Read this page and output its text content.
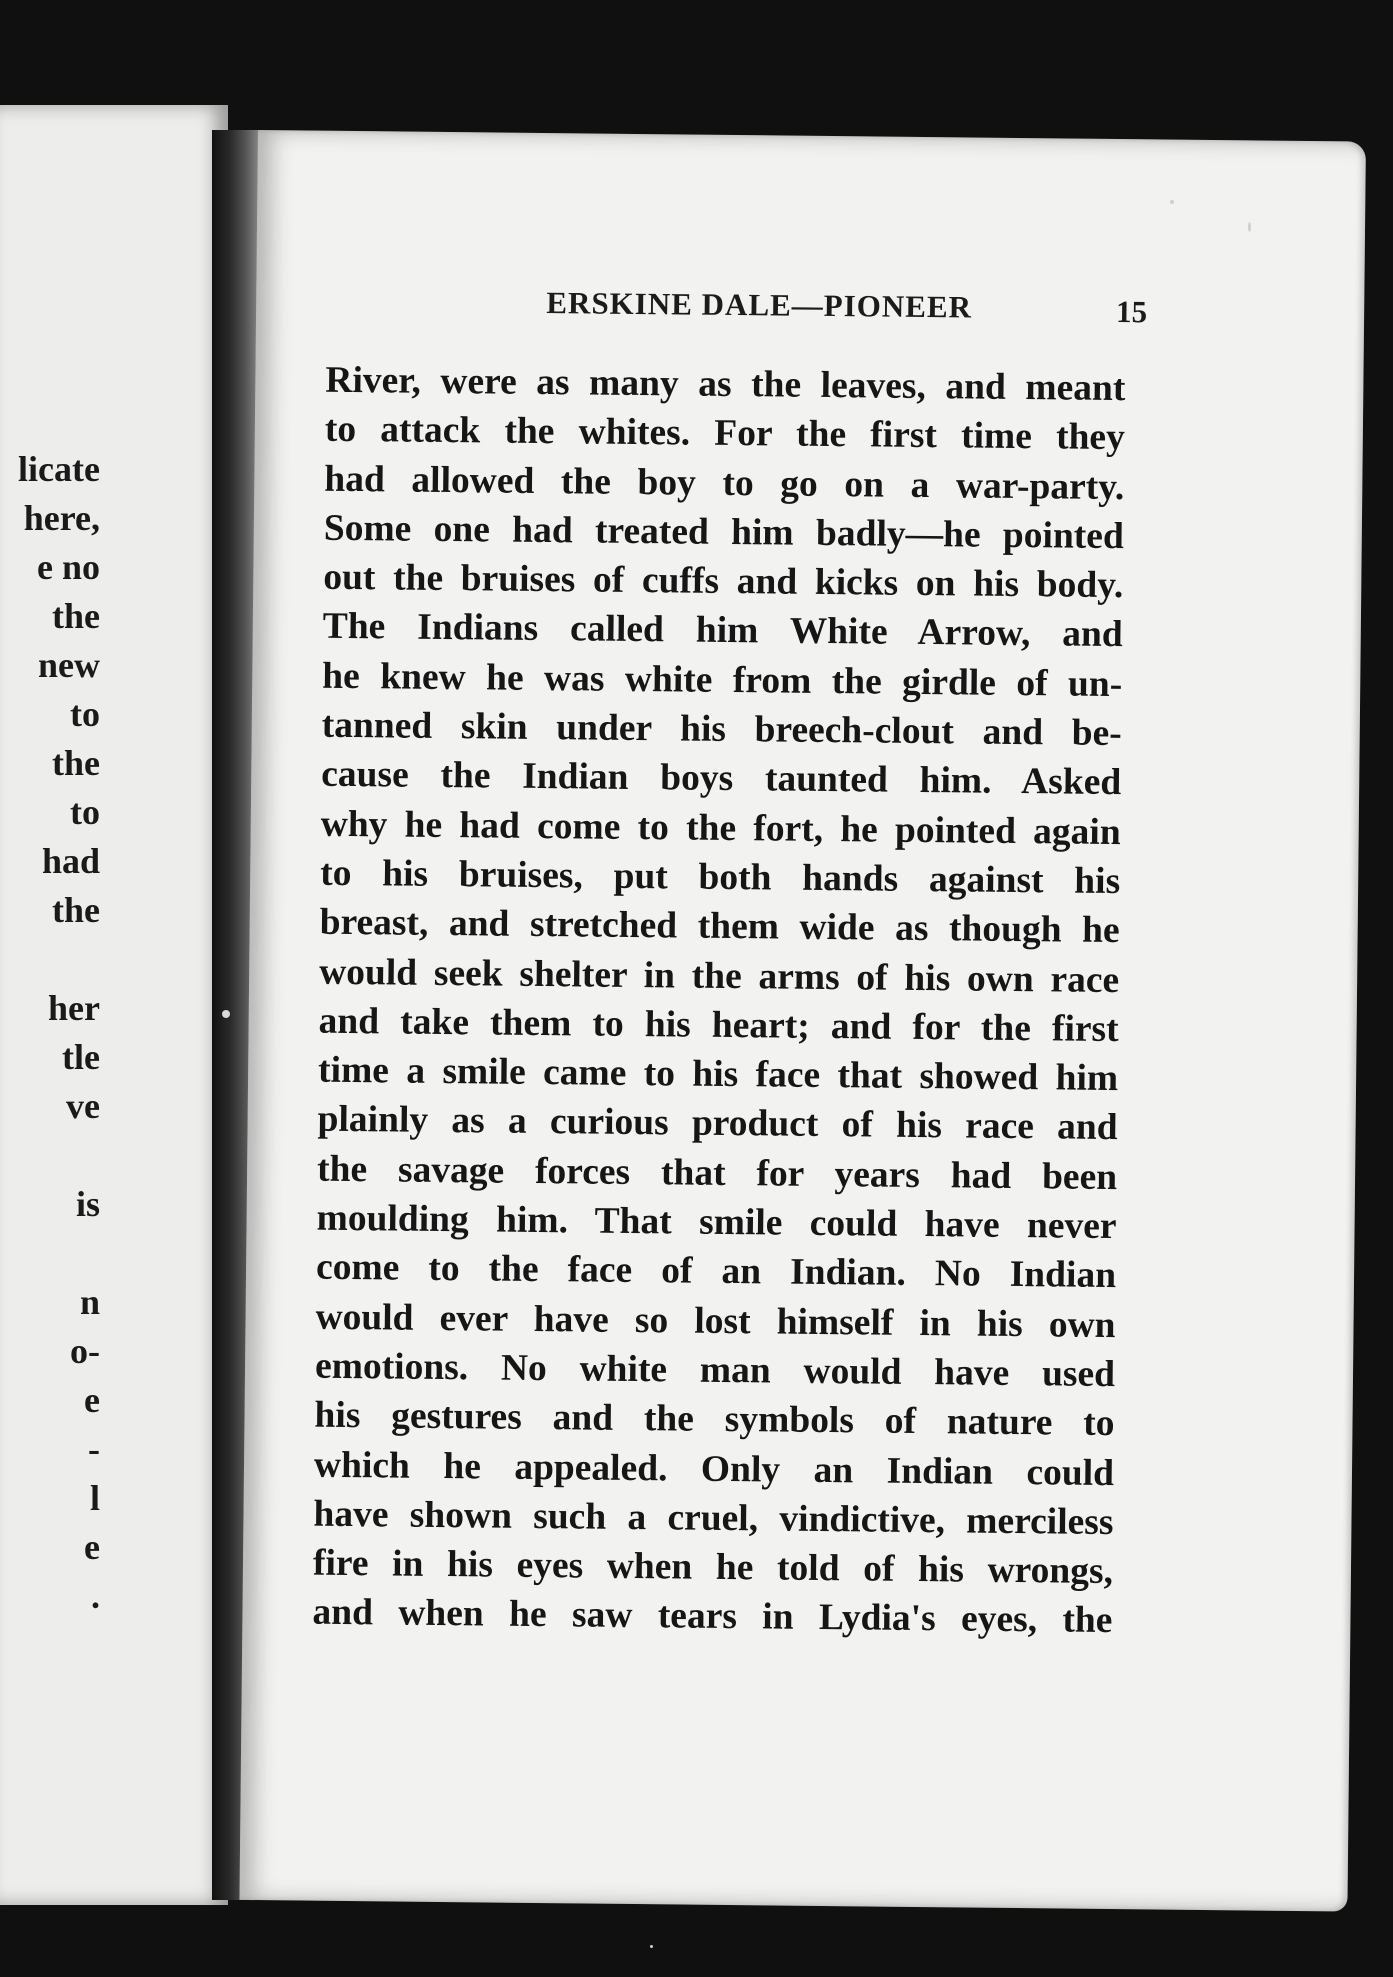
licate
here,
e no
the
new
to
the
to
had
the
her
tle
ve
is
n
o-
e
-
l
e
.
ERSKINE DALE—PIONEER	15
River, were as many as the leaves, and meant
to attack the whites. For the first time they
had allowed the boy to go on a war-party.
Some one had treated him badly—he pointed
out the bruises of cuffs and kicks on his body.
The Indians called him White Arrow, and
he knew he was white from the girdle of un-
tanned skin under his breech-clout and be-
cause the Indian boys taunted him. Asked
why he had come to the fort, he pointed again
to his bruises, put both hands against his
breast, and stretched them wide as though he
would seek shelter in the arms of his own race
and take them to his heart; and for the first
time a smile came to his face that showed him
plainly as a curious product of his race and
the savage forces that for years had been
moulding him. That smile could have never
come to the face of an Indian. No Indian
would ever have so lost himself in his own
emotions. No white man would have used
his gestures and the symbols of nature to
which he appealed. Only an Indian could
have shown such a cruel, vindictive, merciless
fire in his eyes when he told of his wrongs,
and when he saw tears in Lydia's eyes, the
